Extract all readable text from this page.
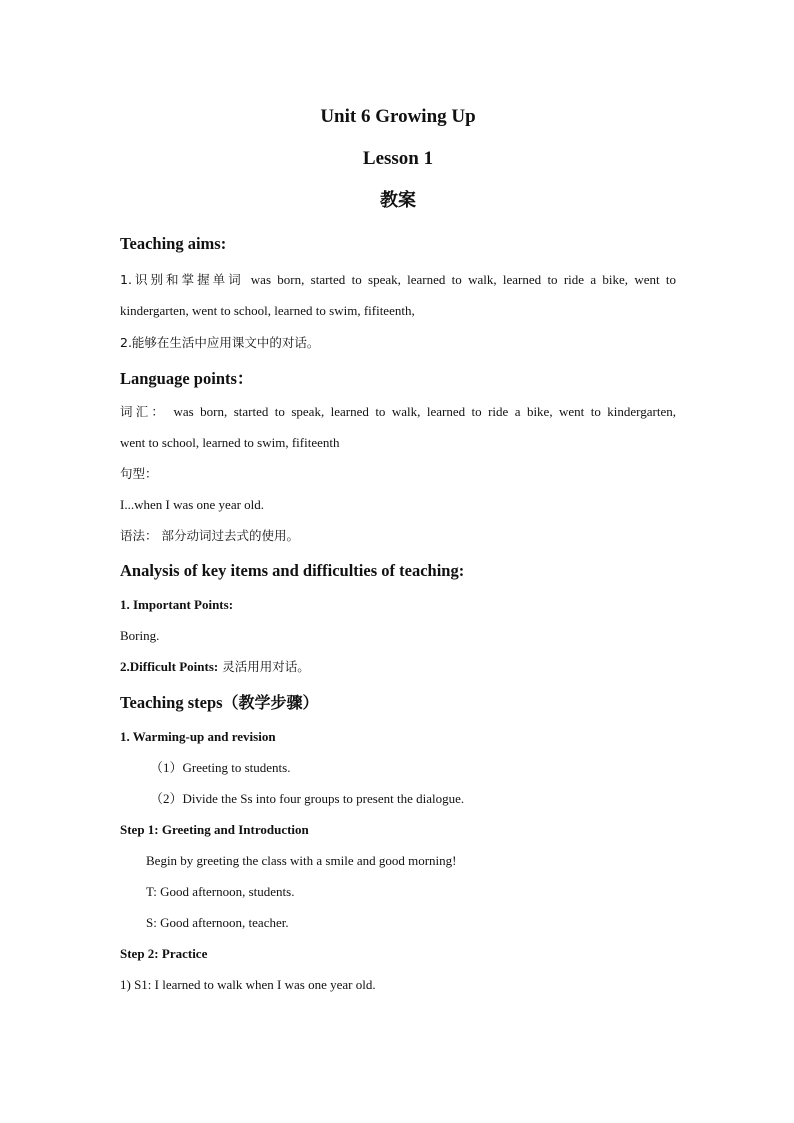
Unit 6 Growing Up

Lesson 1

教案

Teaching aims:

1.识别和掌握单词 was born, started to speak, learned to walk, learned to ride a bike, went to

kindergarten, went to school, learned to swim, fifiteenth,

2.能够在生活中应用课文中的对话。

Language points：

词汇： was born, started to speak, learned to walk, learned to ride a bike, went to kindergarten,

went to school, learned to swim, fifiteenth

句型：

I...when I was one year old.

语法： 部分动词过去式的使用。

Analysis of key items and difficulties of teaching:

1. Important Points:

Boring.

2.Difficult Points: 灵活用用对话。

Teaching steps（教学步骤）

1. Warming-up and revision

（1）Greeting to students.

（2）Divide the Ss into four groups to present the dialogue.

Step 1: Greeting and Introduction

Begin by greeting the class with a smile and good morning!

T: Good afternoon, students.

S: Good afternoon, teacher.

Step 2: Practice

1) S1: I learned to walk when I was one year old.
